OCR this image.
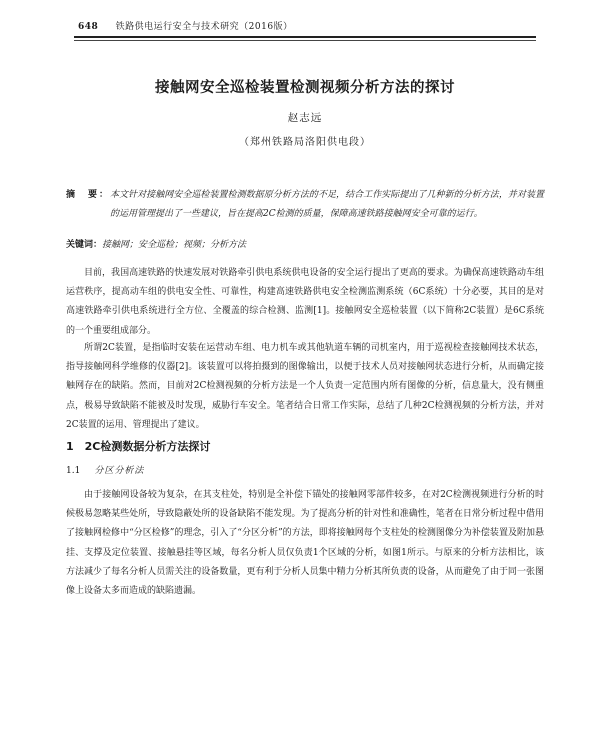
648 铁路供电运行安全与技术研究（2016版）
接触网安全巡检装置检测视频分析方法的探讨
赵志远
（郑州铁路局洛阳供电段）
摘　要： 本文针对接触网安全巡检装置检测数据原分析方法的不足，结合工作实际提出了几种新的分析方法，并对装置的运用管理提出了一些建议，旨在提高2C检测的质量，保障高速铁路接触网安全可靠的运行。
关键词：接触网；安全巡检；视频；分析方法
目前，我国高速铁路的快速发展对铁路牵引供电系统供电设备的安全运行提出了更高的要求。为确保高速铁路动车组运营秩序，提高动车组的供电安全性、可靠性，构建高速铁路供电安全检测监测系统（6C系统）十分必要，其目的是对高速铁路牵引供电系统进行全方位、全覆盖的综合检测、监测[1]。接触网安全巡检装置（以下简称2C装置）是6C系统的一个重要组成部分。
所谓2C装置，是指临时安装在运营动车组、电力机车或其他轨道车辆的司机室内，用于巡视检查接触网技术状态，指导接触网科学维修的仪器[2]。该装置可以将拍摄到的图像输出，以便于技术人员对接触网状态进行分析，从而确定接触网存在的缺陷。然而，目前对2C检测视频的分析方法是一个人负责一定范围内所有图像的分析，信息量大，没有侧重点，极易导致缺陷不能被及时发现，威胁行车安全。笔者结合日常工作实际，总结了几种2C检测视频的分析方法，并对2C装置的运用、管理提出了建议。
1　2C检测数据分析方法探讨
1.1 分区分析法
由于接触网设备较为复杂，在其支柱处，特别是全补偿下锚处的接触网零部件较多，在对2C检测视频进行分析的时候极易忽略某些处所，导致隐蔽处所的设备缺陷不能发现。为了提高分析的针对性和准确性，笔者在日常分析过程中借用了接触网检修中“分区检修”的理念，引入了“分区分析”的方法，即将接触网每个支柱处的检测图像分为补偿装置及附加悬挂、支撑及定位装置、接触悬挂等区域，每名分析人员仅负责1个区域的分析，如图1所示。与原来的分析方法相比，该方法减少了每名分析人员需关注的设备数量，更有利于分析人员集中精力分析其所负责的设备，从而避免了由于同一张图像上设备太多而造成的缺陷遗漏。
